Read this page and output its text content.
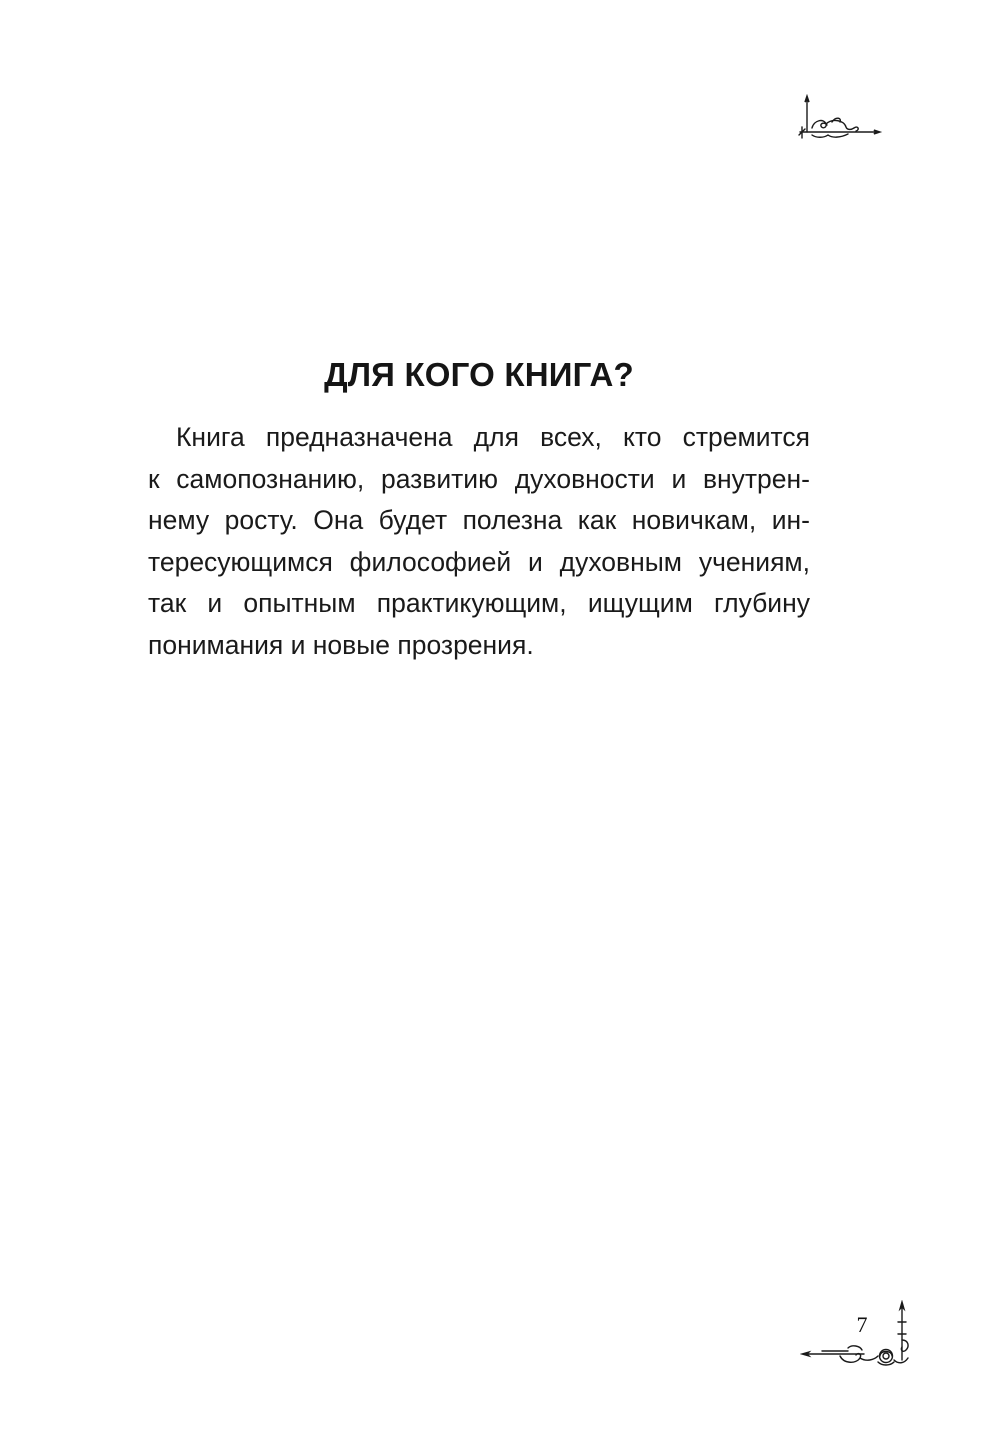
ДЛЯ КОГО КНИГА?

Книга предназначена для всех, кто стремится
к самопознанию, развитию духовности и внутрен-
нему росту. Она будет полезна как новичкам, ин-
тересующимся философией и духовным учениям,
так и опытным практикующим, ищущим глубину
понимания и новые прозрения.

7
